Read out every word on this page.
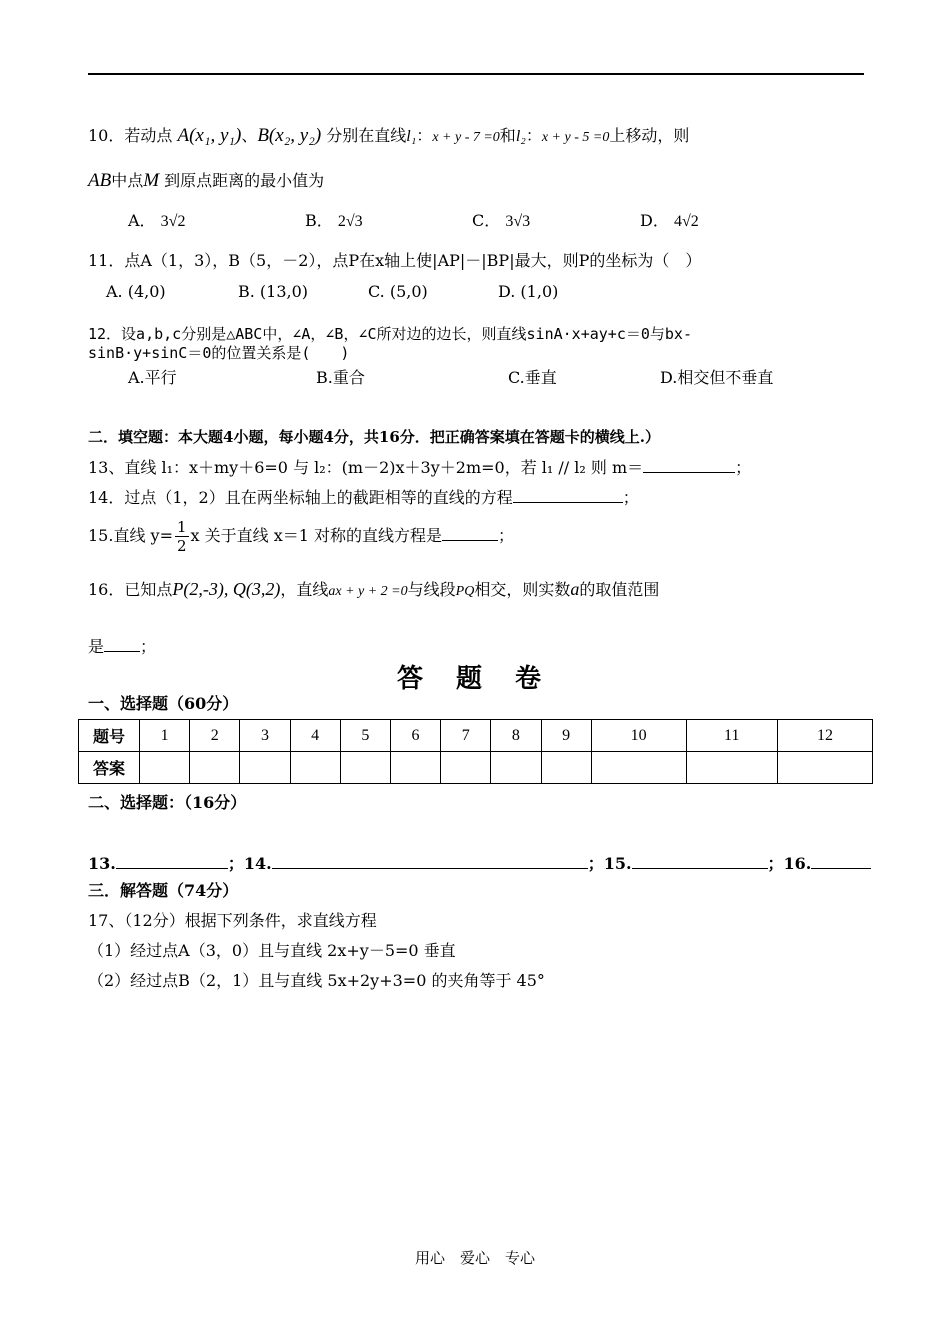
10．若动点 A(x₁, y₁)、B(x₂, y₂) 分别在直线l₁：x + y - 7 =0和l₂：x + y - 5 =0上移动，则
AB中点M 到原点距离的最小值为
A． 3√2	B． 2√3	C． 3√3	D． 4√2
11．点A（1，3），B（5，－2），点P在x轴上使|AP|－|BP|最大，则P的坐标为（　）
A. (4,0)	B. (13,0)	C. (5,0)	D. (1,0)
12．设a,b,c分别是△ABC中，∠A，∠B，∠C所对边的边长，则直线sinA·x+ay+c＝0与bx-
sinB·y+sinC＝0的位置关系是(　　)
A.平行	B.重合	C.垂直	D.相交但不垂直
二．填空题：本大题4小题，每小题4分，共16分．把正确答案填在答题卡的横线上.）
13、直线 l₁：x＋my＋6=0 与 l₂：(m－2)x＋3y＋2m=0，若 l₁ // l₂ 则 m＝	；
14．过点（1，2）且在两坐标轴上的截距相等的直线的方程	；
15.直线 $y= \frac{1}{2}$ x 关于直线 x＝1 对称的直线方程是	；
16．已知点P(2,-3), Q(3,2)，直线ax + y + 2 =0与线段PQ相交，则实数a的取值范围
是 ；
答 题 卷
一、选择题（60分）
题号	1	2	3	4	5	6	7	8	9	10	11	12
答案												
二、选择题：（16分）
13.	；14.	；15.	；16.
三．解答题（74分）
17、（12分）根据下列条件，求直线方程
（1）经过点A（3，0）且与直线 2x+y－5=0 垂直
（2）经过点B（2，1）且与直线 5x+2y+3=0 的夹角等于 45°
用心　爱心　专心
